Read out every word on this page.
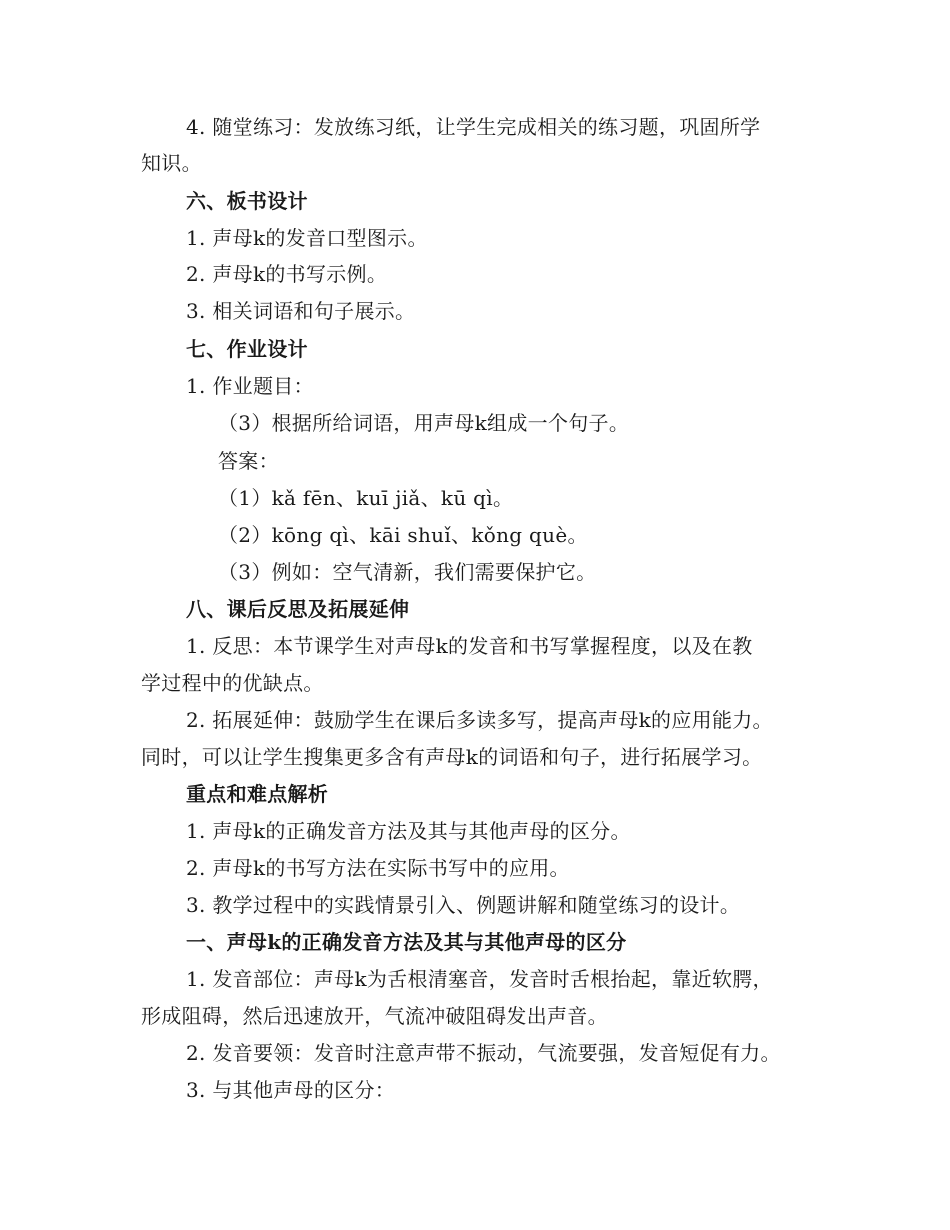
4. 随堂练习：发放练习纸，让学生完成相关的练习题，巩固所学
知识。
六、板书设计
1. 声母k的发音口型图示。
2. 声母k的书写示例。
3. 相关词语和句子展示。
七、作业设计
1. 作业题目：
（3）根据所给词语，用声母k组成一个句子。
答案：
（1）kǎ fēn、kuī jiǎ、kū qì。
（2）kōng qì、kāi shuǐ、kǒng què。
（3）例如：空气清新，我们需要保护它。
八、课后反思及拓展延伸
1. 反思：本节课学生对声母k的发音和书写掌握程度，以及在教
学过程中的优缺点。
2. 拓展延伸：鼓励学生在课后多读多写，提高声母k的应用能力。
同时，可以让学生搜集更多含有声母k的词语和句子，进行拓展学习。
重点和难点解析
1. 声母k的正确发音方法及其与其他声母的区分。
2. 声母k的书写方法在实际书写中的应用。
3. 教学过程中的实践情景引入、例题讲解和随堂练习的设计。
一、声母k的正确发音方法及其与其他声母的区分
1. 发音部位：声母k为舌根清塞音，发音时舌根抬起，靠近软腭，
形成阻碍，然后迅速放开，气流冲破阻碍发出声音。
2. 发音要领：发音时注意声带不振动，气流要强，发音短促有力。
3. 与其他声母的区分：
